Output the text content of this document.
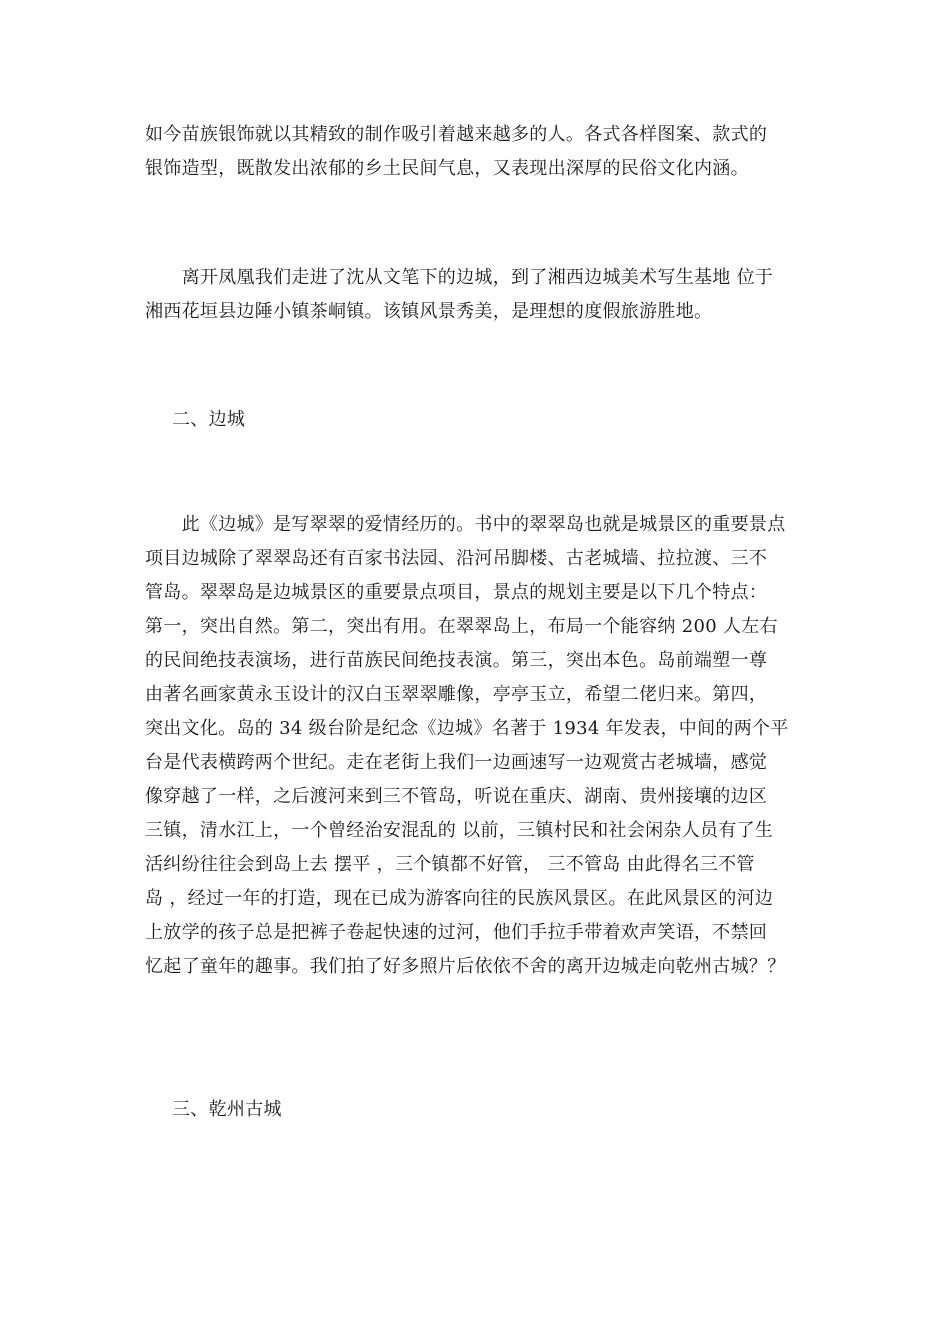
如今苗族银饰就以其精致的制作吸引着越来越多的人。各式各样图案、款式的
银饰造型，既散发出浓郁的乡土民间气息，又表现出深厚的民俗文化内涵。

　　离开凤凰我们走进了沈从文笔下的边城，到了湘西边城美术写生基地 位于
湘西花垣县边陲小镇茶峒镇。该镇风景秀美，是理想的度假旅游胜地。

二、边城

　　此《边城》是写翠翠的爱情经历的。书中的翠翠岛也就是城景区的重要景点
项目边城除了翠翠岛还有百家书法园、沿河吊脚楼、古老城墙、拉拉渡、三不
管岛。翠翠岛是边城景区的重要景点项目，景点的规划主要是以下几个特点：
第一，突出自然。第二，突出有用。在翠翠岛上，布局一个能容纳 200 人左右
的民间绝技表演场，进行苗族民间绝技表演。第三，突出本色。岛前端塑一尊
由著名画家黄永玉设计的汉白玉翠翠雕像，亭亭玉立，希望二佬归来。第四，
突出文化。岛的 34 级台阶是纪念《边城》名著于 1934 年发表，中间的两个平
台是代表横跨两个世纪。走在老街上我们一边画速写一边观赏古老城墙，感觉
像穿越了一样，之后渡河来到三不管岛，听说在重庆、湖南、贵州接壤的边区
三镇，清水江上，一个曾经治安混乱的 以前，三镇村民和社会闲杂人员有了生
活纠纷往往会到岛上去 摆平 ，三个镇都不好管， 三不管岛 由此得名三不管
岛 ，经过一年的打造，现在已成为游客向往的民族风景区。在此风景区的河边
上放学的孩子总是把裤子卷起快速的过河，他们手拉手带着欢声笑语，不禁回
忆起了童年的趣事。我们拍了好多照片后依依不舍的离开边城走向乾州古城？？

三、乾州古城
